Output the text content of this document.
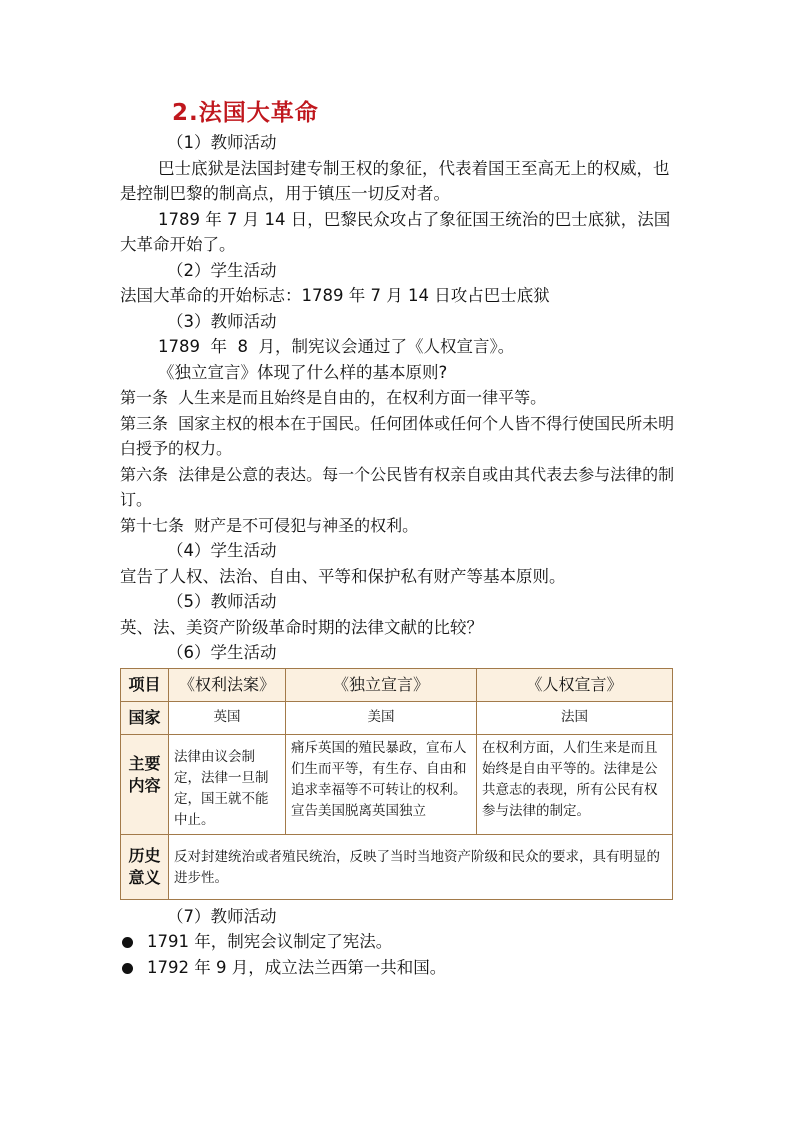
2.法国大革命
（1）教师活动
巴士底狱是法国封建专制王权的象征，代表着国王至高无上的权威，也是控制巴黎的制高点，用于镇压一切反对者。
1789 年 7 月 14 日，巴黎民众攻占了象征国王统治的巴士底狱，法国大革命开始了。
（2）学生活动
法国大革命的开始标志：1789 年 7 月 14 日攻占巴士底狱
（3）教师活动
1789  年  8  月，制宪议会通过了《人权宣言》。
《独立宣言》体现了什么样的基本原则?
第一条  人生来是而且始终是自由的，在权利方面一律平等。
第三条  国家主权的根本在于国民。任何团体或任何个人皆不得行使国民所未明白授予的权力。
第六条  法律是公意的表达。每一个公民皆有权亲自或由其代表去参与法律的制订。
第十七条  财产是不可侵犯与神圣的权利。
（4）学生活动
宣告了人权、法治、自由、平等和保护私有财产等基本原则。
（5）教师活动
英、法、美资产阶级革命时期的法律文献的比较？
（6）学生活动
项目	《权利法案》	《独立宣言》	《人权宣言》
国家	英国	美国	法国
主要内容	法律由议会制定，法律一旦制定，国王就不能中止。	痛斥英国的殖民暴政，宣布人们生而平等，有生存、自由和追求幸福等不可转让的权利。宣告美国脱离英国独立	在权利方面，人们生来是而且始终是自由平等的。法律是公共意志的表现，所有公民有权参与法律的制定。
历史意义	反对封建统治或者殖民统治，反映了当时当地资产阶级和民众的要求，具有明显的进步性。		
（7）教师活动
1791 年，制宪会议制定了宪法。
1792 年 9 月，成立法兰西第一共和国。
